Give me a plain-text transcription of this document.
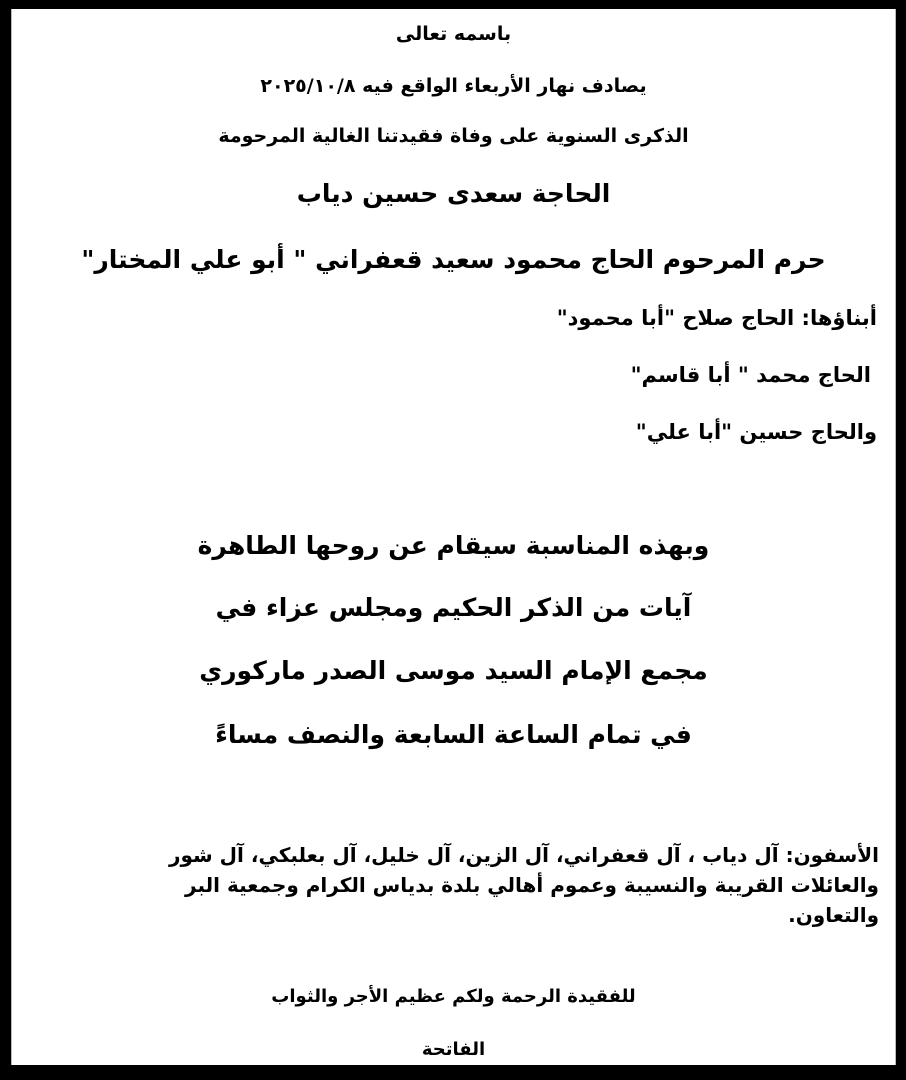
باسمه تعالى
يصادف نهار الأربعاء الواقع فيه ٢٠٢٥/١٠/٨
الذكرى السنوية على وفاة فقيدتنا الغالية المرحومة
الحاجة سعدى حسين دياب
حرم المرحوم الحاج محمود سعيد قعفراني " أبو علي المختار"
أبناؤها: الحاج صلاح "أبا محمود"
الحاج محمد " أبا قاسم"
والحاج حسين "أبا علي"
وبهذه المناسبة سيقام عن روحها الطاهرة
آيات من الذكر الحكيم ومجلس عزاء في
مجمع الإمام السيد موسى الصدر ماركوري
في تمام الساعة السابعة والنصف مساءً
الأسفون: آل دياب ، آل قعفراني، آل الزين، آل خليل، آل بعلبكي، آل شور والعائلات القريبة والنسيبة وعموم أهالي بلدة بدياس الكرام وجمعية البر والتعاون.
للفقيدة الرحمة ولكم عظيم الأجر والثواب
الفاتحة
